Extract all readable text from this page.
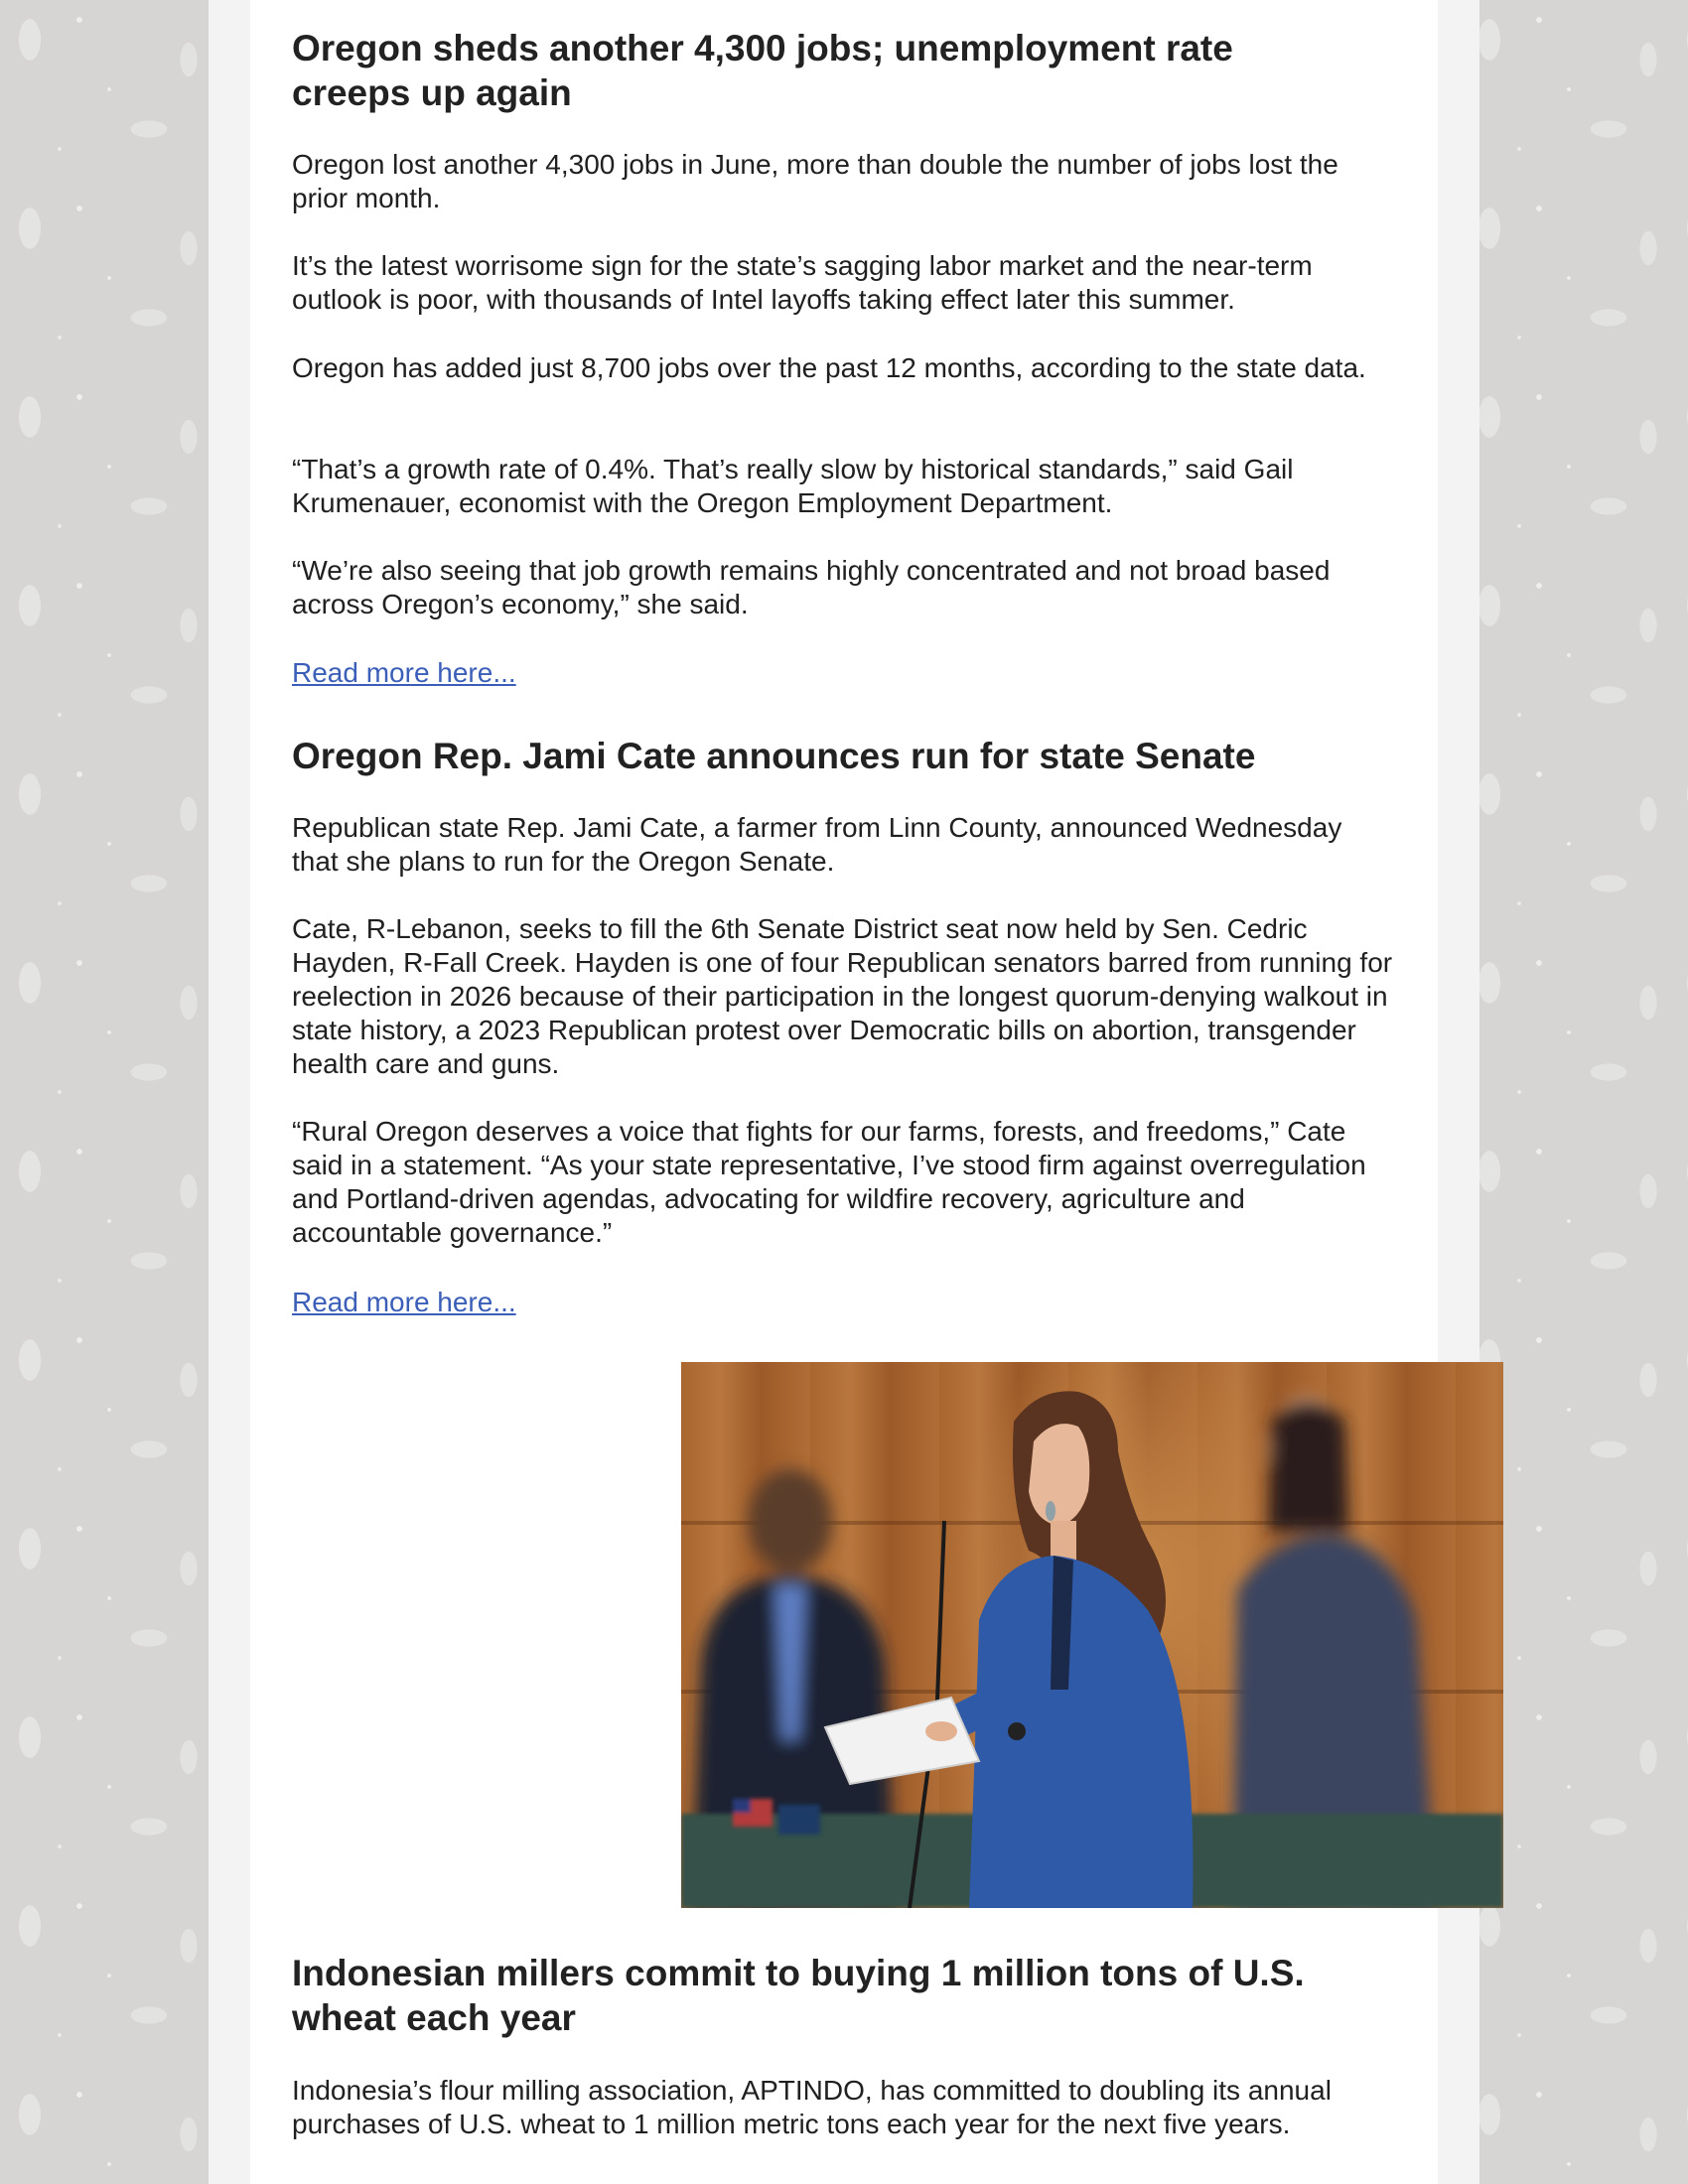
Oregon sheds another 4,300 jobs; unemployment rate creeps up again

Oregon lost another 4,300 jobs in June, more than double the number of jobs lost the prior month.

It’s the latest worrisome sign for the state’s sagging labor market and the near-term outlook is poor, with thousands of Intel layoffs taking effect later this summer.

Oregon has added just 8,700 jobs over the past 12 months, according to the state data.

“That’s a growth rate of 0.4%. That’s really slow by historical standards,” said Gail Krumenauer, economist with the Oregon Employment Department.

“We’re also seeing that job growth remains highly concentrated and not broad based across Oregon’s economy,” she said.

Read more here...
Oregon Rep. Jami Cate announces run for state Senate

Republican state Rep. Jami Cate, a farmer from Linn County, announced Wednesday that she plans to run for the Oregon Senate.

Cate, R-Lebanon, seeks to fill the 6th Senate District seat now held by Sen. Cedric Hayden, R-Fall Creek. Hayden is one of four Republican senators barred from running for reelection in 2026 because of their participation in the longest quorum-denying walkout in state history, a 2023 Republican protest over Democratic bills on abortion, transgender health care and guns.

“Rural Oregon deserves a voice that fights for our farms, forests, and freedoms,” Cate said in a statement. “As your state representative, I’ve stood firm against overregulation and Portland-driven agendas, advocating for wildfire recovery, agriculture and accountable governance.”

Read more here...
Indonesian millers commit to buying 1 million tons of U.S. wheat each year

Indonesia’s flour milling association, APTINDO, has committed to doubling its annual purchases of U.S. wheat to 1 million metric tons each year for the next five years.
